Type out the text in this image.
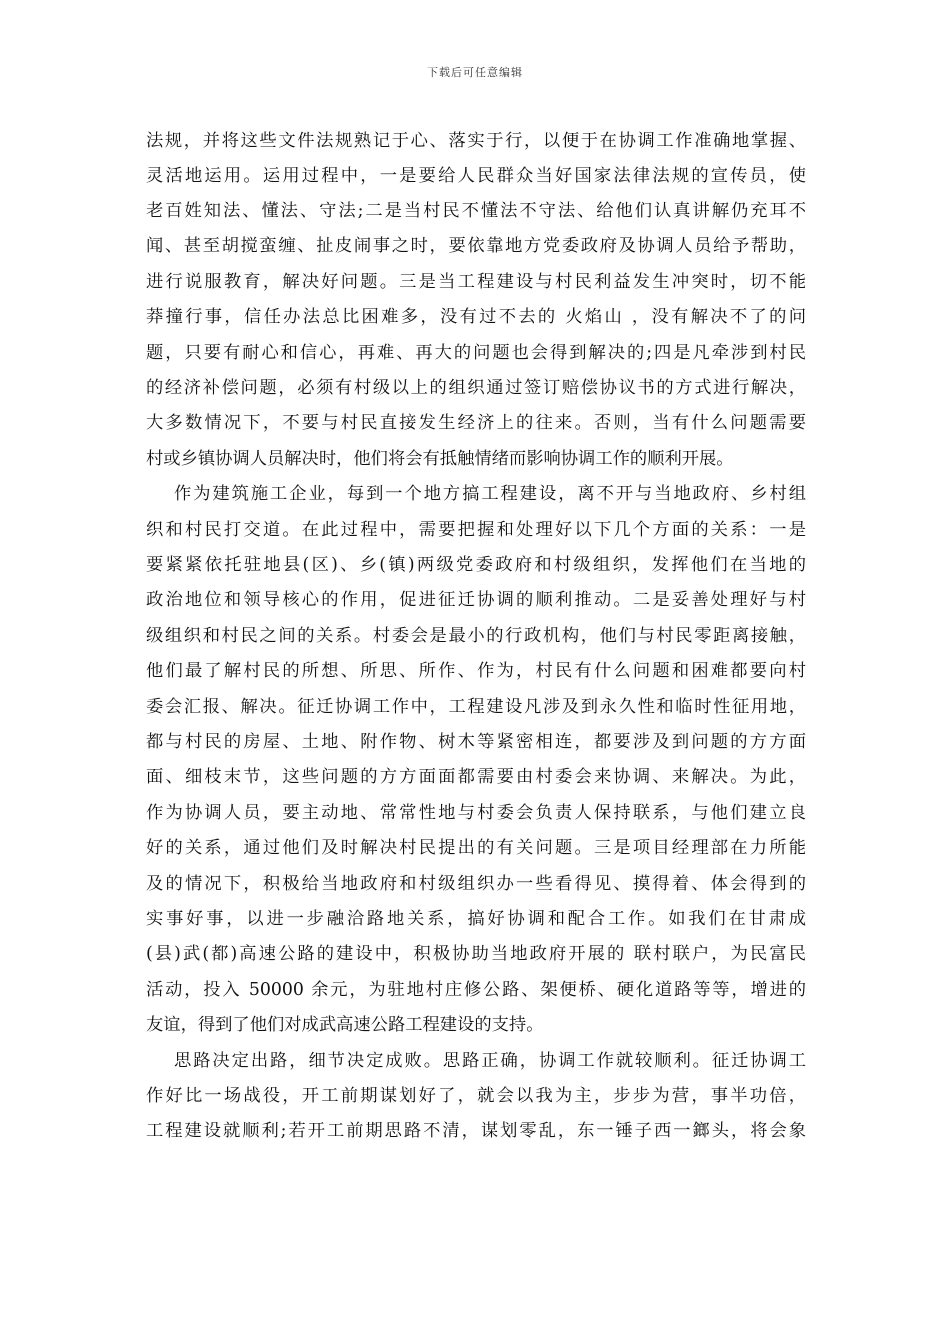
下载后可任意编辑
法规，并将这些文件法规熟记于心、落实于行，以便于在协调工作准确地掌握、
灵活地运用。运用过程中，一是要给人民群众当好国家法律法规的宣传员，使
老百姓知法、懂法、守法;二是当村民不懂法不守法、给他们认真讲解仍充耳不
闻、甚至胡搅蛮缠、扯皮闹事之时，要依靠地方党委政府及协调人员给予帮助，
进行说服教育，解决好问题。三是当工程建设与村民利益发生冲突时，切不能
莽撞行事，信任办法总比困难多，没有过不去的 火焰山 ，没有解决不了的问
题，只要有耐心和信心，再难、再大的问题也会得到解决的;四是凡牵涉到村民
的经济补偿问题，必须有村级以上的组织通过签订赔偿协议书的方式进行解决，
大多数情况下，不要与村民直接发生经济上的往来。否则，当有什么问题需要
村或乡镇协调人员解决时，他们将会有抵触情绪而影响协调工作的顺利开展。
作为建筑施工企业，每到一个地方搞工程建设，离不开与当地政府、乡村组
织和村民打交道。在此过程中，需要把握和处理好以下几个方面的关系：一是
要紧紧依托驻地县(区)、乡(镇)两级党委政府和村级组织，发挥他们在当地的
政治地位和领导核心的作用，促进征迁协调的顺利推动。二是妥善处理好与村
级组织和村民之间的关系。村委会是最小的行政机构，他们与村民零距离接触，
他们最了解村民的所想、所思、所作、作为，村民有什么问题和困难都要向村
委会汇报、解决。征迁协调工作中，工程建设凡涉及到永久性和临时性征用地，
都与村民的房屋、土地、附作物、树木等紧密相连，都要涉及到问题的方方面
面、细枝末节，这些问题的方方面面都需要由村委会来协调、来解决。为此，
作为协调人员，要主动地、常常性地与村委会负责人保持联系，与他们建立良
好的关系，通过他们及时解决村民提出的有关问题。三是项目经理部在力所能
及的情况下，积极给当地政府和村级组织办一些看得见、摸得着、体会得到的
实事好事，以进一步融洽路地关系，搞好协调和配合工作。如我们在甘肃成
(县)武(都)高速公路的建设中，积极协助当地政府开展的 联村联户，为民富民
活动，投入 50000 余元，为驻地村庄修公路、架便桥、硬化道路等等，增进的
友谊，得到了他们对成武高速公路工程建设的支持。
思路决定出路，细节决定成败。思路正确，协调工作就较顺利。征迁协调工
作好比一场战役，开工前期谋划好了，就会以我为主，步步为营，事半功倍，
工程建设就顺利;若开工前期思路不清，谋划零乱，东一锤子西一鎯头，将会象
